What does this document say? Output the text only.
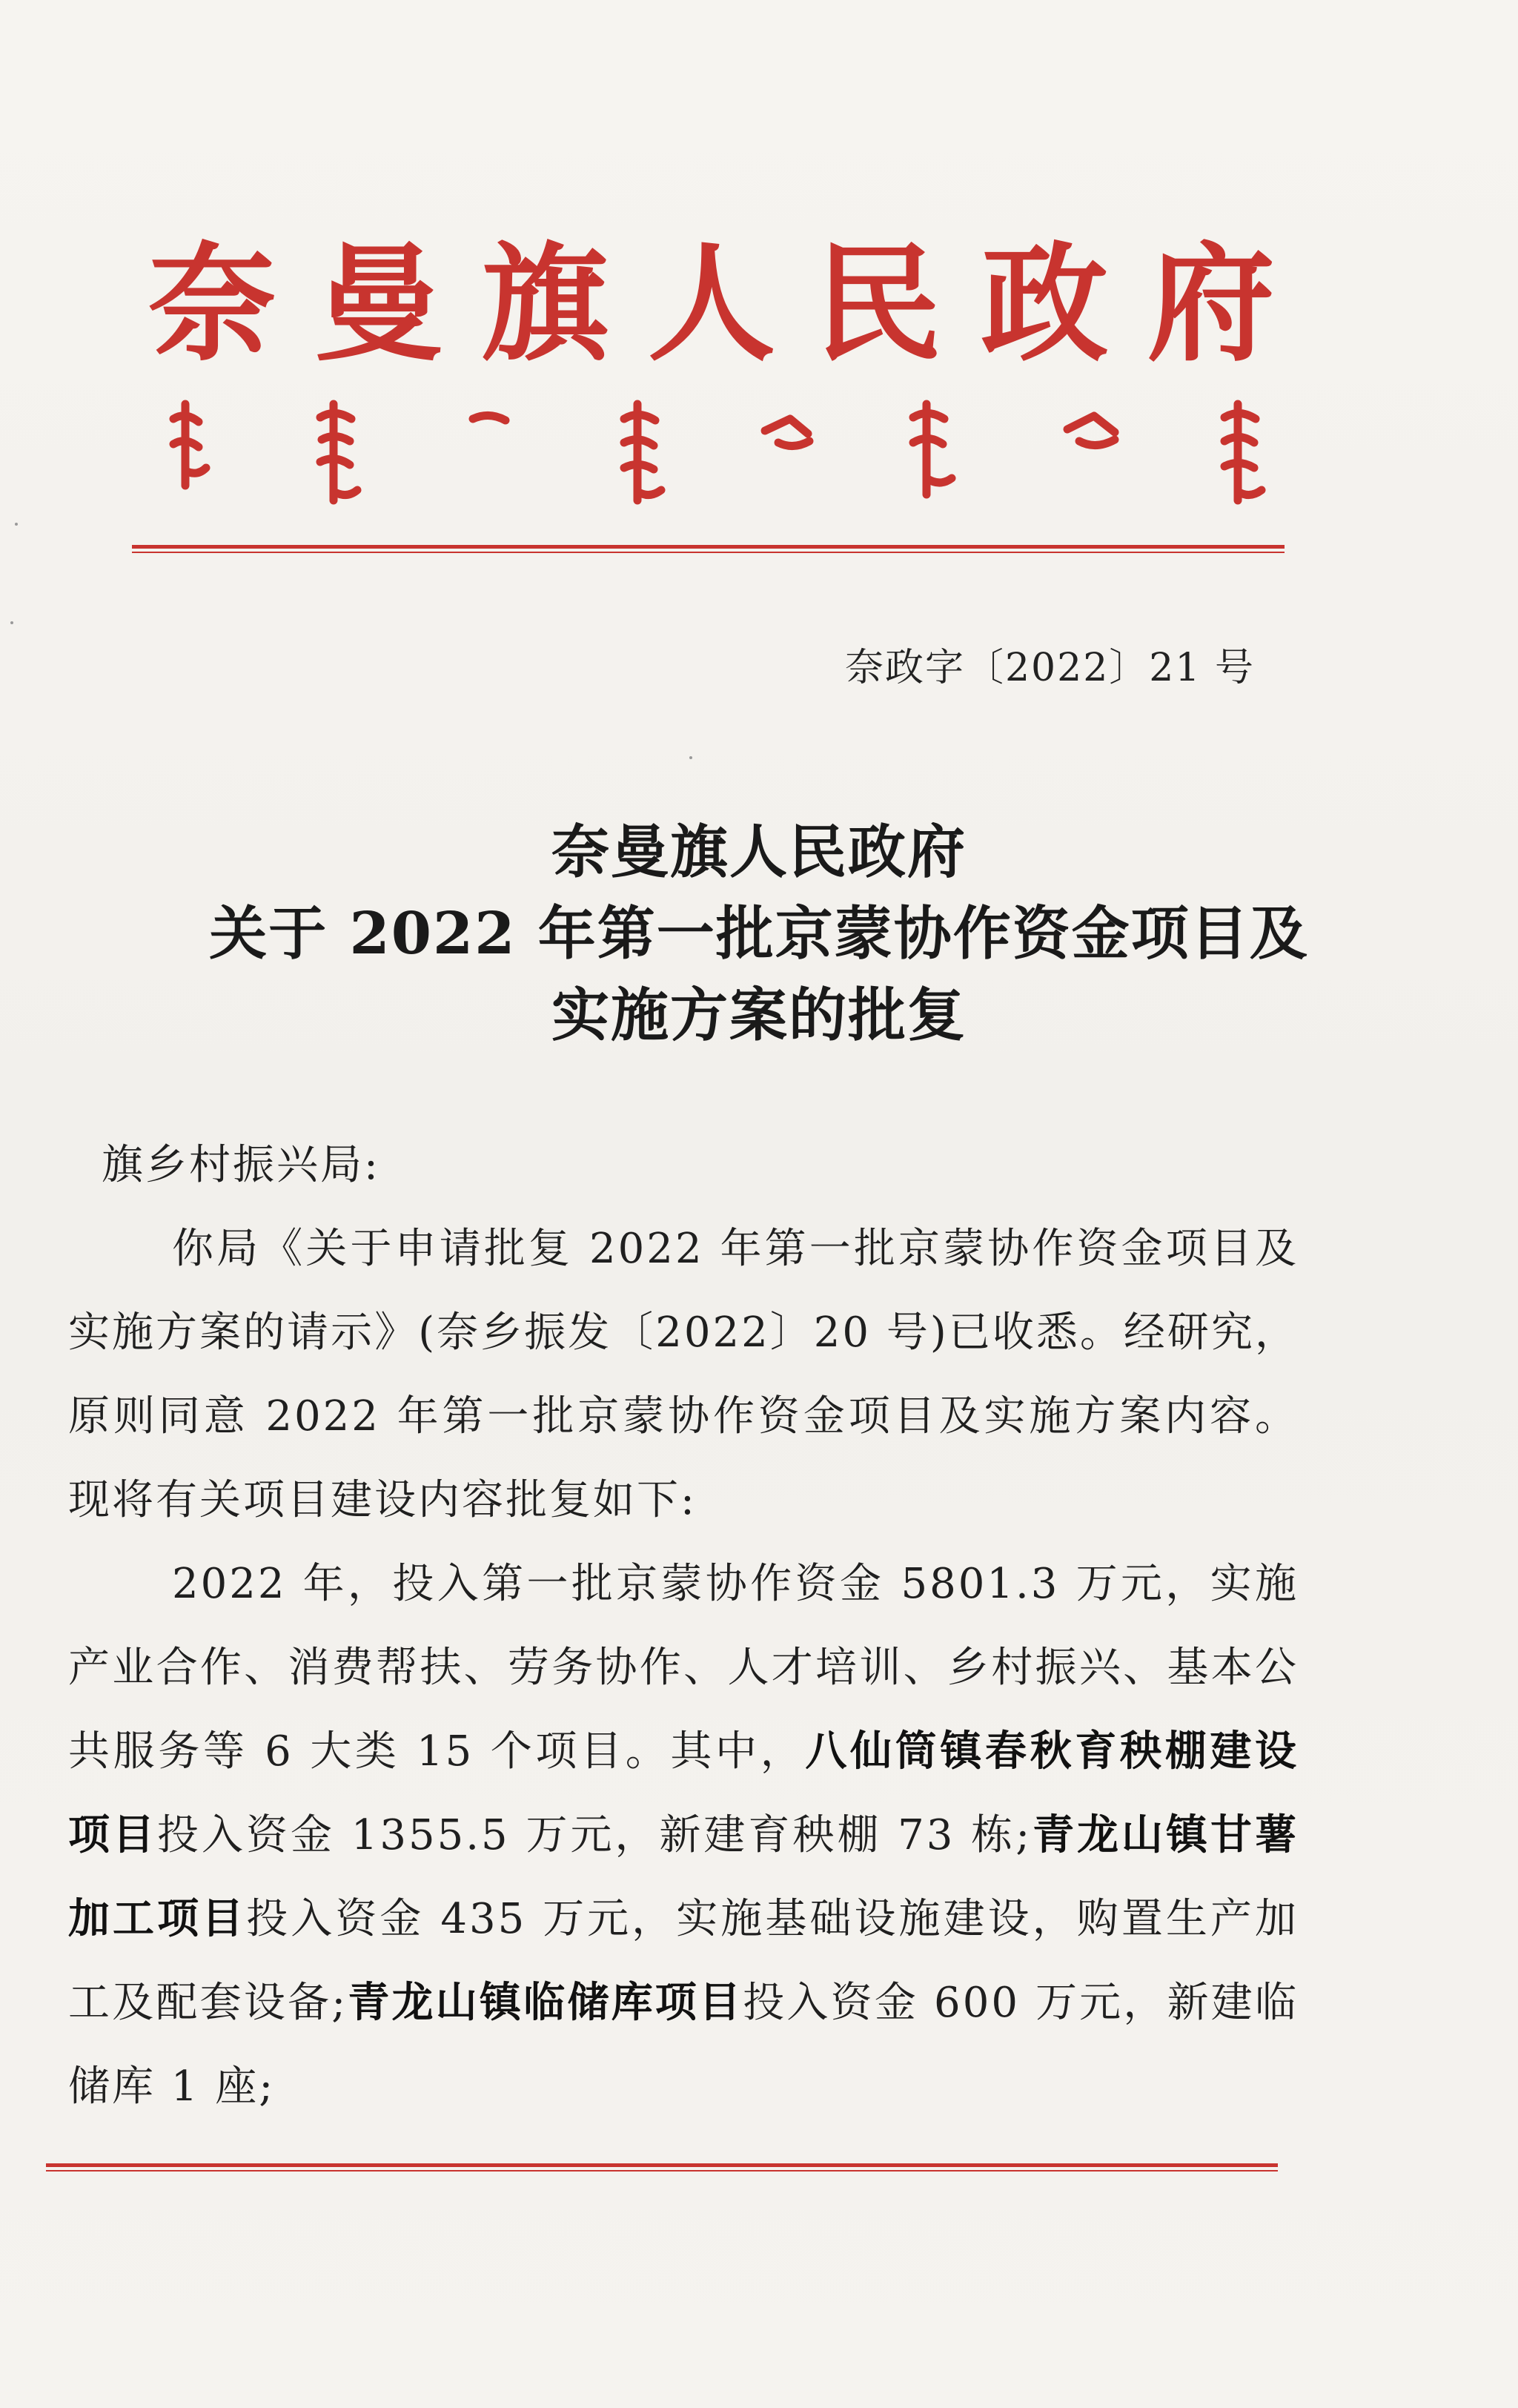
奈 曼 旗 人 民 政 府
奈政字〔2022〕21 号
奈曼旗人民政府
关于 2022 年第一批京蒙协作资金项目及
实施方案的批复
旗乡村振兴局:

你局《关于申请批复 2022 年第一批京蒙协作资金项目及实施方案的请示》(奈乡振发〔2022〕20 号)已收悉。经研究，原则同意 2022 年第一批京蒙协作资金项目及实施方案内容。现将有关项目建设内容批复如下:

2022 年，投入第一批京蒙协作资金 5801.3 万元，实施产业合作、消费帮扶、劳务协作、人才培训、乡村振兴、基本公共服务等 6 大类 15 个项目。其中，八仙筒镇春秋育秧棚建设项目投入资金 1355.5 万元，新建育秧棚 73 栋;青龙山镇甘薯加工项目投入资金 435 万元，实施基础设施建设，购置生产加工及配套设备;青龙山镇临储库项目投入资金 600 万元，新建临储库 1 座;
